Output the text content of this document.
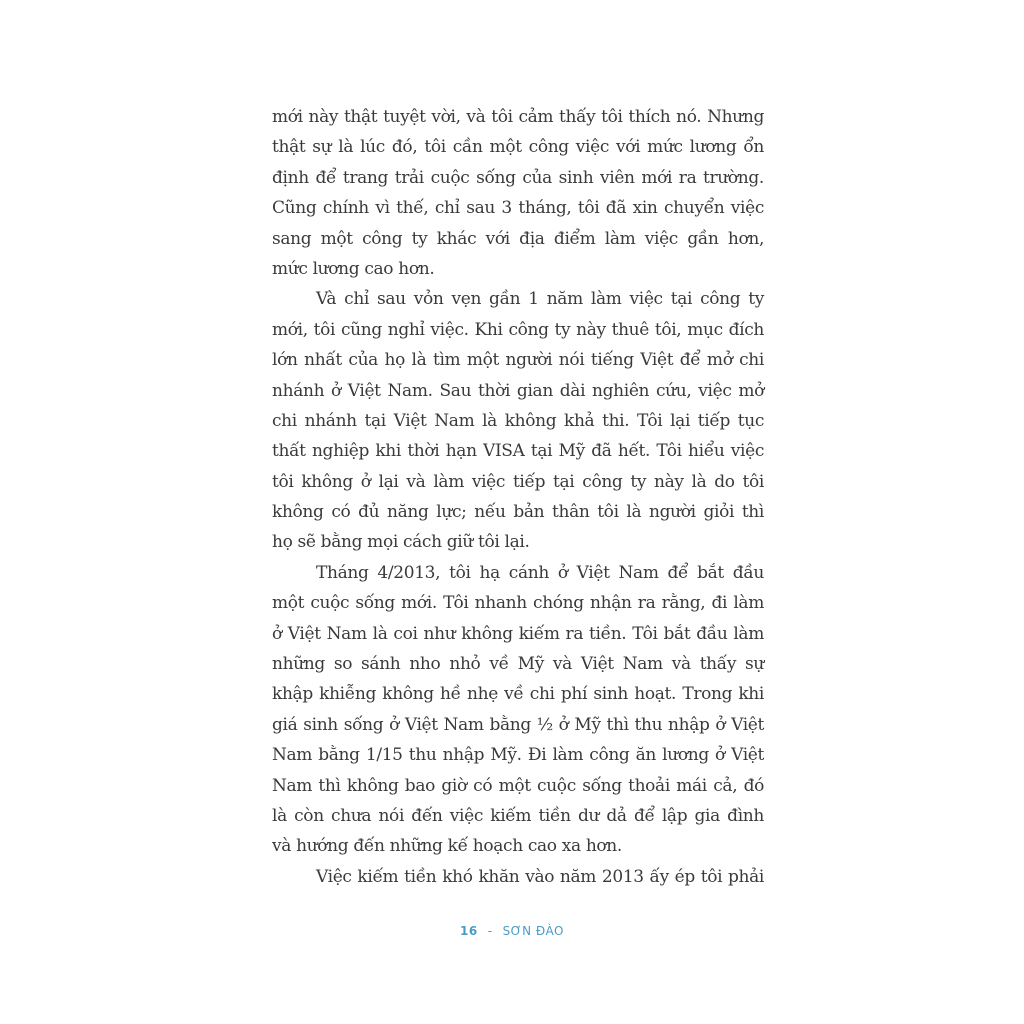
mới này thật tuyệt vời, và tôi cảm thấy tôi thích nó. Nhưng
thật sự là lúc đó, tôi cần một công việc với mức lương ổn
định để trang trải cuộc sống của sinh viên mới ra trường.
Cũng chính vì thế, chỉ sau 3 tháng, tôi đã xin chuyển việc
sang một công ty khác với địa điểm làm việc gần hơn,
mức lương cao hơn.
Và chỉ sau vỏn vẹn gần 1 năm làm việc tại công ty
mới, tôi cũng nghỉ việc. Khi công ty này thuê tôi, mục đích
lớn nhất của họ là tìm một người nói tiếng Việt để mở chi
nhánh ở Việt Nam. Sau thời gian dài nghiên cứu, việc mở
chi nhánh tại Việt Nam là không khả thi. Tôi lại tiếp tục
thất nghiệp khi thời hạn VISA tại Mỹ đã hết. Tôi hiểu việc
tôi không ở lại và làm việc tiếp tại công ty này là do tôi
không có đủ năng lực; nếu bản thân tôi là người giỏi thì
họ sẽ bằng mọi cách giữ tôi lại.
Tháng 4/2013, tôi hạ cánh ở Việt Nam để bắt đầu
một cuộc sống mới. Tôi nhanh chóng nhận ra rằng, đi làm
ở Việt Nam là coi như không kiếm ra tiền. Tôi bắt đầu làm
những so sánh nho nhỏ về Mỹ và Việt Nam và thấy sự
khập khiễng không hề nhẹ về chi phí sinh hoạt. Trong khi
giá sinh sống ở Việt Nam bằng ½ ở Mỹ thì thu nhập ở Việt
Nam bằng 1/15 thu nhập Mỹ. Đi làm công ăn lương ở Việt
Nam thì không bao giờ có một cuộc sống thoải mái cả, đó
là còn chưa nói đến việc kiếm tiền dư dả để lập gia đình
và hướng đến những kế hoạch cao xa hơn.
Việc kiếm tiền khó khăn vào năm 2013 ấy ép tôi phải
16 - SƠN ĐÀO
